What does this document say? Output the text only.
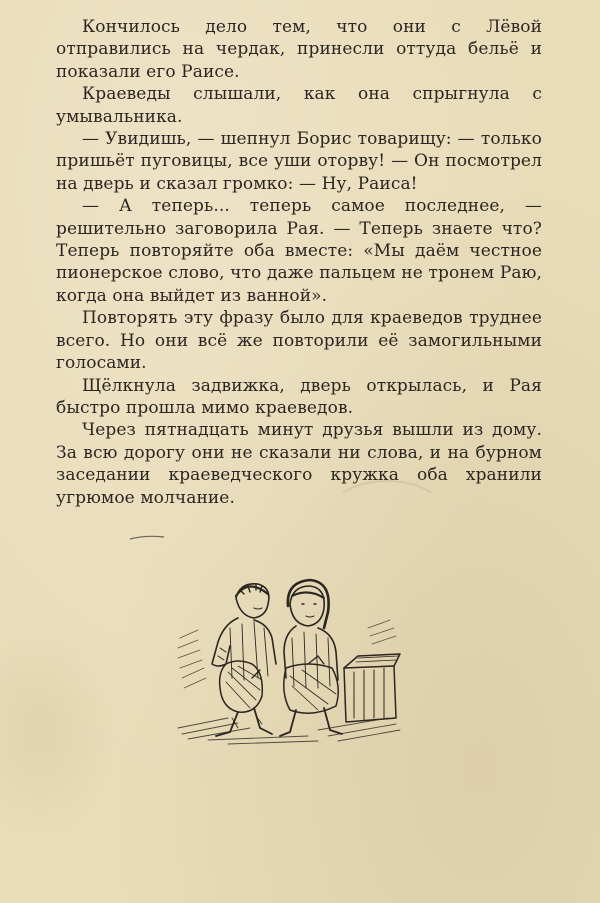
Кончилось дело тем, что они с Лёвой отправились на чердак, принесли оттуда бельё и показали его Раисе.

Краеведы слышали, как она спрыгнула с умывальника.

— Увидишь, — шепнул Борис товарищу: — только пришьёт пуговицы, все уши оторву! — Он посмотрел на дверь и сказал громко: — Ну, Раиса!

— А теперь... теперь самое последнее, — решительно заговорила Рая. — Теперь знаете что? Теперь повторяйте оба вместе: «Мы даём честное пионерское слово, что даже пальцем не тронем Раю, когда она выйдет из ванной».

Повторять эту фразу было для краеведов труднее всего. Но они всё же повторили её замогильными голосами.

Щёлкнула задвижка, дверь открылась, и Рая быстро прошла мимо краеведов.

Через пятнадцать минут друзья вышли из дому. За всю дорогу они не сказали ни слова, и на бурном заседании краеведческого кружка оба хранили угрюмое молчание.
